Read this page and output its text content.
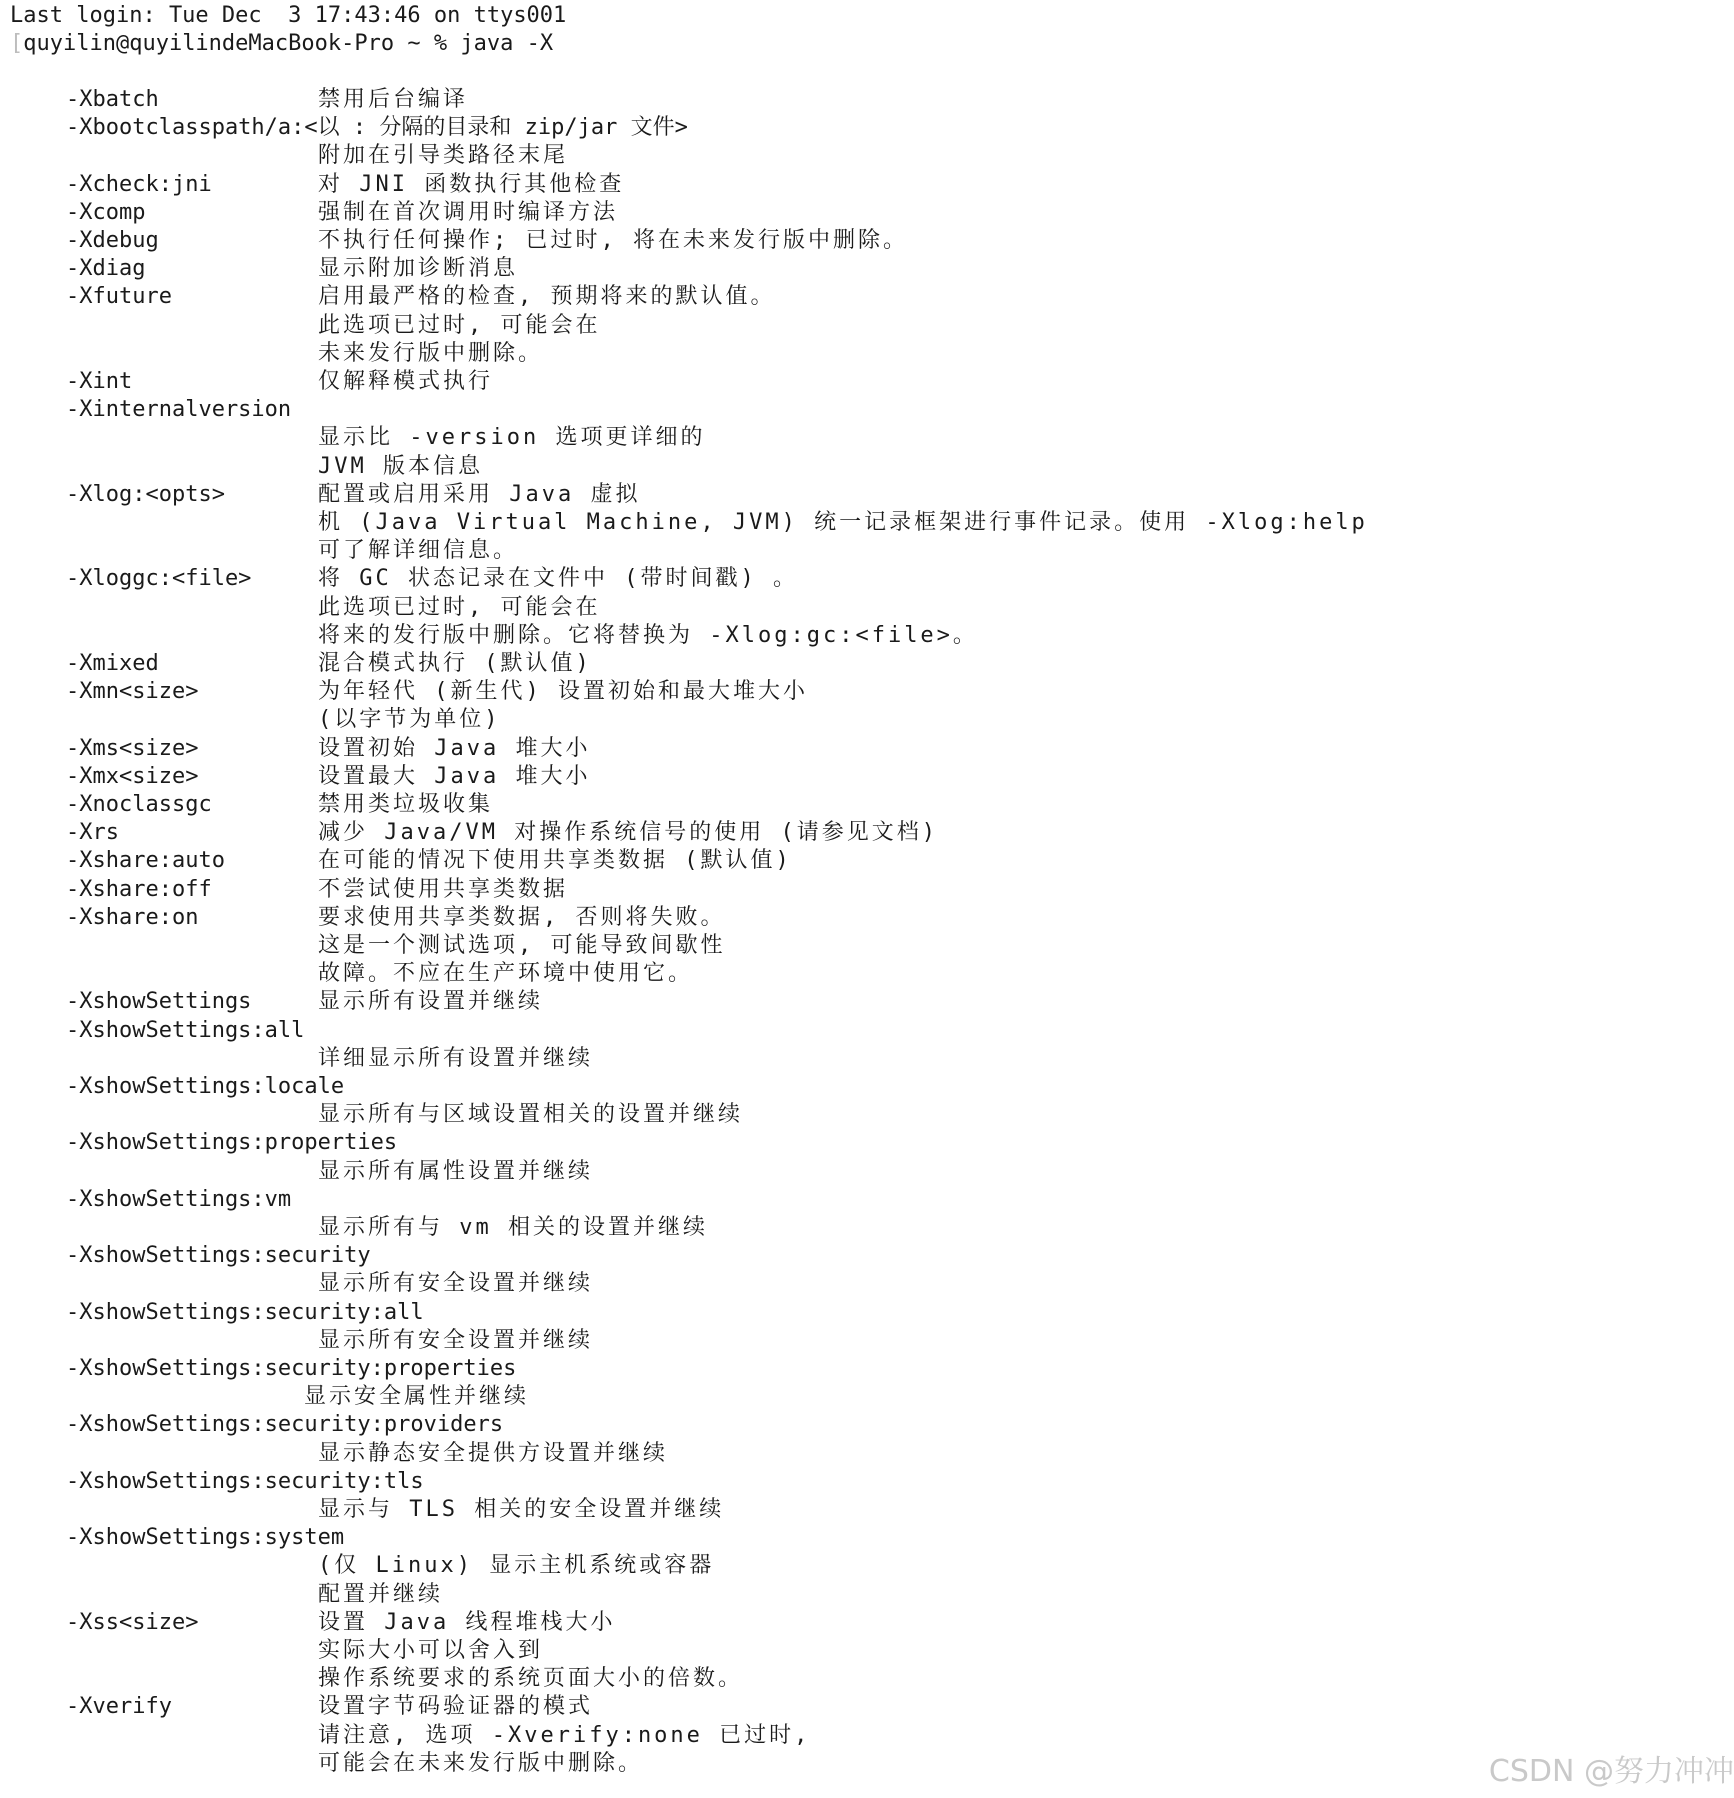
Last login: Tue Dec  3 17:43:46 on ttys001
[quyilin@quyilindeMacBook-Pro ~ % java -X
-Xbatch	禁用后台编译
-Xbootclasspath/a:<以 : 分隔的目录和 zip/jar 文件>
附加在引导类路径末尾
-Xcheck:jni	对 JNI 函数执行其他检查
-Xcomp	强制在首次调用时编译方法
-Xdebug	不执行任何操作; 已过时, 将在未来发行版中删除。
-Xdiag	显示附加诊断消息
-Xfuture	启用最严格的检查, 预期将来的默认值。
此选项已过时, 可能会在
未来发行版中删除。
-Xint	仅解释模式执行
-Xinternalversion
显示比 -version 选项更详细的
JVM 版本信息
-Xlog:<opts>	配置或启用采用 Java 虚拟
机 (Java Virtual Machine, JVM) 统一记录框架进行事件记录。使用 -Xlog:help
可了解详细信息。
-Xloggc:<file>	将 GC 状态记录在文件中 (带时间戳) 。
此选项已过时, 可能会在
将来的发行版中删除。它将替换为 -Xlog:gc:<file>。
-Xmixed	混合模式执行 (默认值)
-Xmn<size>	为年轻代 (新生代) 设置初始和最大堆大小
(以字节为单位)
-Xms<size>	设置初始 Java 堆大小
-Xmx<size>	设置最大 Java 堆大小
-Xnoclassgc	禁用类垃圾收集
-Xrs	减少 Java/VM 对操作系统信号的使用 (请参见文档)
-Xshare:auto	在可能的情况下使用共享类数据 (默认值)
-Xshare:off	不尝试使用共享类数据
-Xshare:on	要求使用共享类数据, 否则将失败。
这是一个测试选项, 可能导致间歇性
故障。不应在生产环境中使用它。
-XshowSettings	显示所有设置并继续
-XshowSettings:all
详细显示所有设置并继续
-XshowSettings:locale
显示所有与区域设置相关的设置并继续
-XshowSettings:properties
显示所有属性设置并继续
-XshowSettings:vm
显示所有与 vm 相关的设置并继续
-XshowSettings:security
显示所有安全设置并继续
-XshowSettings:security:all
显示所有安全设置并继续
-XshowSettings:security:properties
显示安全属性并继续
-XshowSettings:security:providers
显示静态安全提供方设置并继续
-XshowSettings:security:tls
显示与 TLS 相关的安全设置并继续
-XshowSettings:system
(仅 Linux) 显示主机系统或容器
配置并继续
-Xss<size>	设置 Java 线程堆栈大小
实际大小可以舍入到
操作系统要求的系统页面大小的倍数。
-Xverify	设置字节码验证器的模式
请注意, 选项 -Xverify:none 已过时,
可能会在未来发行版中删除。	CSDN @努力冲冲
